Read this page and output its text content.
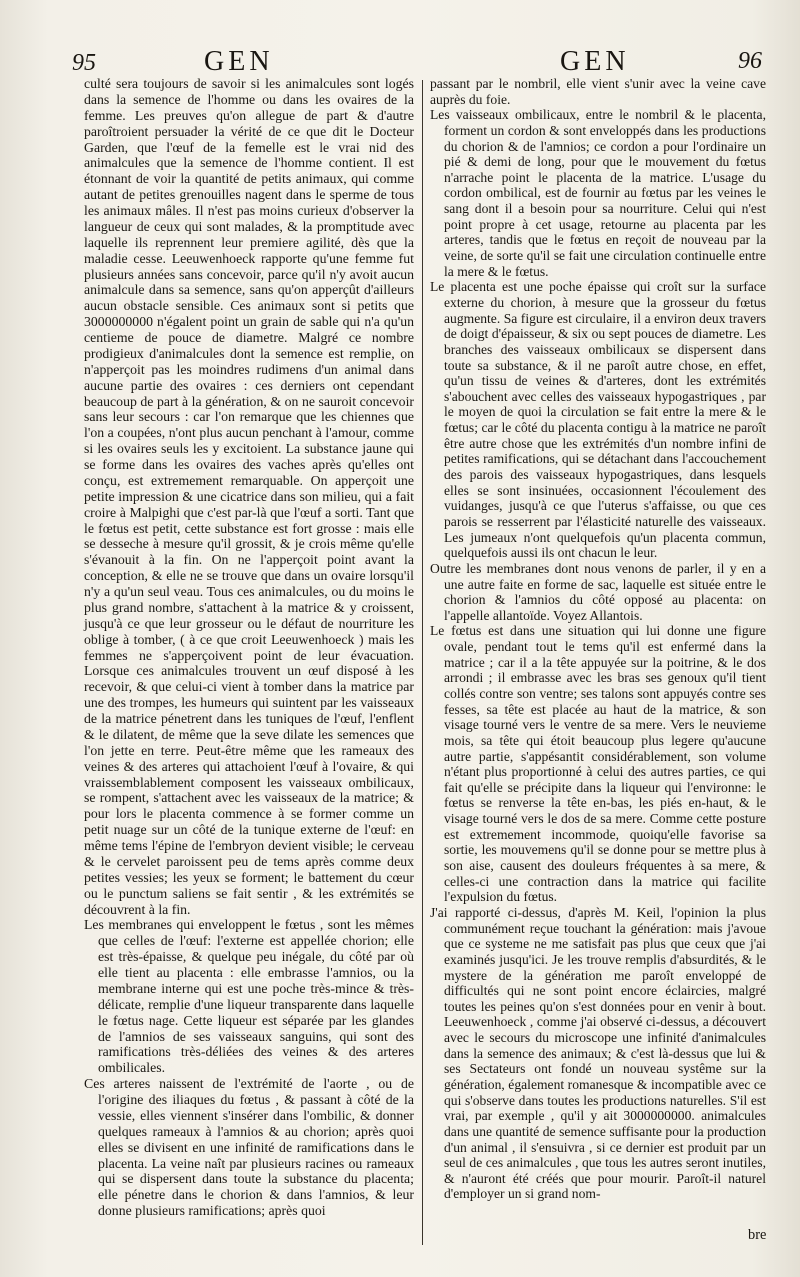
95	GEN	GEN	96

culté sera toujours de savoir si les animalcules sont logés dans la semence de l'homme ou dans les ovaires de la femme. Les preuves qu'on allegue de part & d'autre paroîtroient persuader la vérité de ce que dit le Docteur Garden, que l'œuf de la femelle est le vrai nid des animalcules que la semence de l'homme contient. Il est étonnant de voir la quantité de petits animaux, qui comme autant de petites grenouilles nagent dans le sperme de tous les animaux mâles. Il n'est pas moins curieux d'observer la langueur de ceux qui sont malades, & la promptitude avec laquelle ils reprennent leur premiere agilité, dès que la maladie cesse. Leeuwenhoeck rapporte qu'une femme fut plusieurs années sans concevoir, parce qu'il n'y avoit aucun animalcule dans sa semence, sans qu'on apperçût d'ailleurs aucun obstacle sensible. Ces animaux sont si petits que 3000000000 n'égalent point un grain de sable qui n'a qu'un centieme de pouce de diametre. Malgré ce nombre prodigieux d'animalcules dont la semence est remplie, on n'apperçoit pas les moindres rudimens d'un animal dans aucune partie des ovaires : ces derniers ont cependant beaucoup de part à la génération, & on ne sauroit concevoir sans leur secours : car l'on remarque que les chiennes que l'on a coupées, n'ont plus aucun penchant à l'amour, comme si les ovaires seuls les y excitoient. La substance jaune qui se forme dans les ovaires des vaches après qu'elles ont conçu, est extremement remarquable. On apperçoit une petite impression & une cicatrice dans son milieu, qui a fait croire à Malpighi que c'est par-là que l'œuf a sorti. Tant que le fœtus est petit, cette substance est fort grosse : mais elle se desseche à mesure qu'il grossit, & je crois même qu'elle s'évanouit à la fin. On ne l'apperçoit point avant la conception, & elle ne se trouve que dans un ovaire lorsqu'il n'y a qu'un seul veau. Tous ces animalcules, ou du moins le plus grand nombre, s'attachent à la matrice & y croissent, jusqu'à ce que leur grosseur ou le défaut de nourriture les oblige à tomber, ( à ce que croit Leeuwenhoeck ) mais les femmes ne s'apperçoivent point de leur évacuation. Lorsque ces animalcules trouvent un œuf disposé à les recevoir, & que celui-ci vient à tomber dans la matrice par une des trompes, les humeurs qui suintent par les vaisseaux de la matrice pénetrent dans les tuniques de l'œuf, l'enflent & le dilatent, de même que la seve dilate les semences que l'on jette en terre. Peut-être même que les rameaux des veines & des arteres qui attachoient l'œuf à l'ovaire, & qui vraissemblablement composent les vaisseaux ombilicaux, se rompent, s'attachent avec les vaisseaux de la matrice; & pour lors le placenta commence à se former comme un petit nuage sur un côté de la tunique externe de l'œuf: en même tems l'épine de l'embryon devient visible; le cerveau & le cervelet paroissent peu de tems après comme deux petites vessies; les yeux se forment; le battement du cœur ou le punctum saliens se fait sentir , & les extrémités se découvrent à la fin.

Les membranes qui enveloppent le fœtus , sont les mêmes que celles de l'œuf: l'externe est appellée chorion; elle est très-épaisse, & quelque peu inégale, du côté par où elle tient au placenta : elle embrasse l'amnios, ou la membrane interne qui est une poche très-mince & très-délicate, remplie d'une liqueur transparente dans laquelle le fœtus nage. Cette liqueur est séparée par les glandes de l'amnios de ses vaisseaux sanguins, qui sont des ramifications très-déliées des veines & des arteres ombilicales.

Ces arteres naissent de l'extrémité de l'aorte , ou de l'origine des iliaques du fœtus , & passant à côté de la vessie, elles viennent s'insérer dans l'ombilic, & donner quelques rameaux à l'amnios & au chorion; après quoi elles se divisent en une infinité de ramifications dans le placenta. La veine naît par plusieurs racines ou rameaux qui se dispersent dans toute la substance du placenta; elle pénetre dans le chorion & dans l'amnios, & leur donne plusieurs ramifications; après quoi

passant par le nombril, elle vient s'unir avec la veine cave auprès du foie.

Les vaisseaux ombilicaux, entre le nombril & le placenta, forment un cordon & sont enveloppés dans les productions du chorion & de l'amnios; ce cordon a pour l'ordinaire un pié & demi de long, pour que le mouvement du fœtus n'arrache point le placenta de la matrice. L'usage du cordon ombilical, est de fournir au fœtus par les veines le sang dont il a besoin pour sa nourriture. Celui qui n'est point propre à cet usage, retourne au placenta par les arteres, tandis que le fœtus en reçoit de nouveau par la veine, de sorte qu'il se fait une circulation continuelle entre la mere & le fœtus.

Le placenta est une poche épaisse qui croît sur la surface externe du chorion, à mesure que la grosseur du fœtus augmente. Sa figure est circulaire, il a environ deux travers de doigt d'épaisseur, & six ou sept pouces de diametre. Les branches des vaisseaux ombilicaux se dispersent dans toute sa substance, & il ne paroît autre chose, en effet, qu'un tissu de veines & d'arteres, dont les extrémités s'abouchent avec celles des vaisseaux hypogastriques , par le moyen de quoi la circulation se fait entre la mere & le fœtus; car le côté du placenta contigu à la matrice ne paroît être autre chose que les extrémités d'un nombre infini de petites ramifications, qui se détachant dans l'accouchement des parois des vaisseaux hypogastriques, dans lesquels elles se sont insinuées, occasionnent l'écoulement des vuidanges, jusqu'à ce que l'uterus s'affaisse, ou que ces parois se resserrent par l'élasticité naturelle des vaisseaux. Les jumeaux n'ont quelquefois qu'un placenta commun, quelquefois aussi ils ont chacun le leur.

Outre les membranes dont nous venons de parler, il y en a une autre faite en forme de sac, laquelle est située entre le chorion & l'amnios du côté opposé au placenta: on l'appelle allantoïde. Voyez Allantois.

Le fœtus est dans une situation qui lui donne une figure ovale, pendant tout le tems qu'il est enfermé dans la matrice ; car il a la tête appuyée sur la poitrine, & le dos arrondi ; il embrasse avec les bras ses genoux qu'il tient collés contre son ventre; ses talons sont appuyés contre ses fesses, sa tête est placée au haut de la matrice, & son visage tourné vers le ventre de sa mere. Vers le neuvieme mois, sa tête qui étoit beaucoup plus legere qu'aucune autre partie, s'appésantit considérablement, son volume n'étant plus proportionné à celui des autres parties, ce qui fait qu'elle se précipite dans la liqueur qui l'environne: le fœtus se renverse la tête en-bas, les piés en-haut, & le visage tourné vers le dos de sa mere. Comme cette posture est extremement incommode, quoiqu'elle favorise sa sortie, les mouvemens qu'il se donne pour se mettre plus à son aise, causent des douleurs fréquentes à sa mere, & celles-ci une contraction dans la matrice qui facilite l'expulsion du fœtus.

J'ai rapporté ci-dessus, d'après M. Keil, l'opinion la plus communément reçue touchant la génération: mais j'avoue que ce systeme ne me satisfait pas plus que ceux que j'ai examinés jusqu'ici. Je les trouve remplis d'absurdités, & le mystere de la génération me paroît enveloppé de difficultés qui ne sont point encore éclaircies, malgré toutes les peines qu'on s'est données pour en venir à bout. Leeuwenhoeck , comme j'ai observé ci-dessus, a découvert avec le secours du microscope une infinité d'animalcules dans la semence des animaux; & c'est là-dessus que lui & ses Sectateurs ont fondé un nouveau systême sur la génération, également romanesque & incompatible avec ce qui s'observe dans toutes les productions naturelles. S'il est vrai, par exemple , qu'il y ait 3000000000. animalcules dans une quantité de semence suffisante pour la production d'un animal , il s'ensuivra , si ce dernier est produit par un seul de ces animalcules , que tous les autres seront inutiles, & n'auront été créés que pour mourir. Paroît-il naturel d'employer un si grand nom-

bre
